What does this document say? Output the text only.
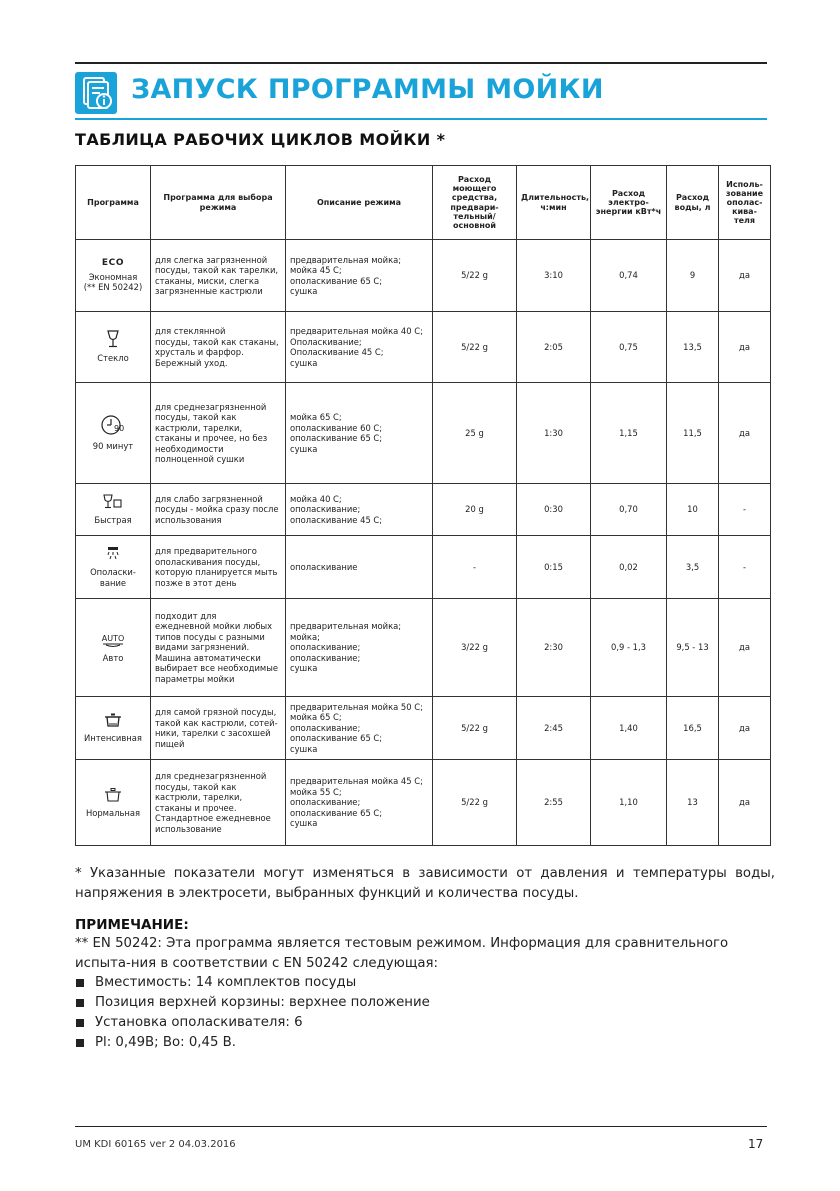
ЗАПУСК ПРОГРАММЫ МОЙКИ
ТАБЛИЦА РАБОЧИХ ЦИКЛОВ МОЙКИ *
Программа	Программа для выбора режима	Описание режима	Расход моющего средства, предвари-тельный/ основной	Длительность, ч:мин	Расход электро-энергии кВт*ч	Расход воды, л	Исполь-зование ополас-кива-теля

ECO
Экономная
(** EN 50242)	для слегка загрязненной посуды, такой как тарелки, стаканы, миски, слегка загрязненные кастрюли	предварительная мойка;
мойка 45 С;
ополаскивание 65 С;
сушка	5/22 g	3:10	0,74	9	да

Стекло	для стеклянной
посуды, такой как стаканы, хрусталь и фарфор.
Бережный уход.	предварительная мойка 40 С;
Ополаскивание;
Ополаскивание 45 С;
сушка	5/22 g	2:05	0,75	13,5	да

90
90 минут	для среднезагрязненной посуды, такой как кастрюли, тарелки, стаканы и прочее, но без необходимости полноценной сушки	мойка 65 С;
ополаскивание 60 С;
ополаскивание 65 С;
сушка	25 g	1:30	1,15	11,5	да

Быстрая	для слабо загрязненной посуды - мойка сразу после использования	мойка 40 С;
ополаскивание;
ополаскивание 45 С;	20 g	0:30	0,70	10	-

Ополаски-
вание	для предварительного ополаскивания посуды, которую планируется мыть позже в этот день	ополаскивание	-	0:15	0,02	3,5	-

AUTO
Авто	подходит для
ежедневной мойки любых типов посуды с разными видами загрязнений. Машина автоматически выбирает все необходимые параметры мойки	предварительная мойка;
мойка;
ополаскивание;
ополаскивание;
сушка	3/22 g	2:30	0,9 - 1,3	9,5 - 13	да

Интенсивная	для самой грязной посуды, такой как кастрюли, сотей-ники, тарелки с засохшей пищей	предварительная мойка 50 С;
мойка 65 С;
ополаскивание;
ополаскивание 65 С;
сушка	5/22 g	2:45	1,40	16,5	да

Нормальная	для среднезагрязненной посуды, такой как кастрюли, тарелки, стаканы и прочее.
Стандартное ежедневное использование	предварительная мойка 45 С;
мойка 55 С;
ополаскивание;
ополаскивание 65 С;
сушка	5/22 g	2:55	1,10	13	да
* Указанные показатели могут изменяться в зависимости от давления и температуры воды, напряжения в электросети, выбранных функций и количества посуды.
ПРИМЕЧАНИЕ:
** EN 50242: Эта программа является тестовым режимом. Информация для сравнительного испыта-ния в соответствии с EN 50242 следующая:
Вместимость: 14 комплектов посуды
Позиция верхней корзины: верхнее положение
Установка ополаскивателя: 6
Pl: 0,49B; Bo: 0,45 B.
UM KDI 60165 ver 2 04.03.2016	17
